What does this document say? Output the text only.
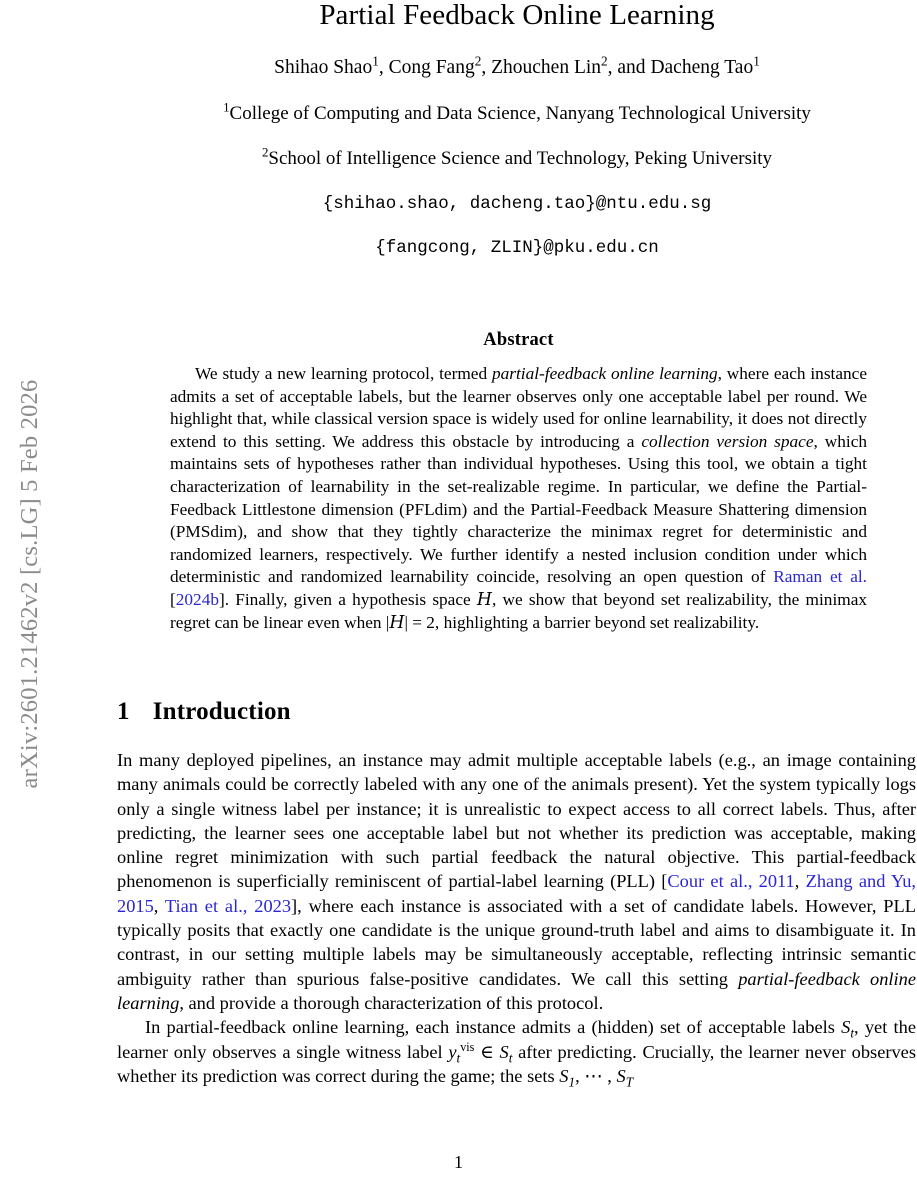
arXiv:2601.21462v2 [cs.LG] 5 Feb 2026
Partial Feedback Online Learning
Shihao Shao$^1$, Cong Fang$^2$, Zhouchen Lin$^2$, and Dacheng Tao$^1$
$^1$College of Computing and Data Science, Nanyang Technological University
$^2$School of Intelligence Science and Technology, Peking University
{shihao.shao, dacheng.tao}@ntu.edu.sg
{fangcong, ZLIN}@pku.edu.cn
Abstract

We study a new learning protocol, termed partial-feedback online learning, where each instance admits a set of acceptable labels, but the learner observes only one acceptable label per round. We highlight that, while classical version space is widely used for online learnability, it does not directly extend to this setting. We address this obstacle by introducing a collection version space, which maintains sets of hypotheses rather than individual hypotheses. Using this tool, we obtain a tight characterization of learnability in the set-realizable regime. In particular, we define the Partial-Feedback Littlestone dimension (PFLdim) and the Partial-Feedback Measure Shattering dimension (PMSdim), and show that they tightly characterize the minimax regret for deterministic and randomized learners, respectively. We further identify a nested inclusion condition under which deterministic and randomized learnability coincide, resolving an open question of Raman et al. [2024b]. Finally, given a hypothesis space H, we show that beyond set realizability, the minimax regret can be linear even when |H| = 2, highlighting a barrier beyond set realizability.

1 Introduction

In many deployed pipelines, an instance may admit multiple acceptable labels (e.g., an image containing many animals could be correctly labeled with any one of the animals present). Yet the system typically logs only a single witness label per instance; it is unrealistic to expect access to all correct labels. Thus, after predicting, the learner sees one acceptable label but not whether its prediction was acceptable, making online regret minimization with such partial feedback the natural objective. This partial-feedback phenomenon is superficially reminiscent of partial-label learning (PLL) [Cour et al., 2011, Zhang and Yu, 2015, Tian et al., 2023], where each instance is associated with a set of candidate labels. However, PLL typically posits that exactly one candidate is the unique ground-truth label and aims to disambiguate it. In contrast, in our setting multiple labels may be simultaneously acceptable, reflecting intrinsic semantic ambiguity rather than spurious false-positive candidates. We call this setting partial-feedback online learning, and provide a thorough characterization of this protocol.

In partial-feedback online learning, each instance admits a (hidden) set of acceptable labels $S_t$, yet the learner only observes a single witness label $y_t^{vis}$ ∈ $S_t$ after predicting. Crucially, the learner never observes whether its prediction was correct during the game; the sets $S_1$, ⋯ , $S_T$

1
